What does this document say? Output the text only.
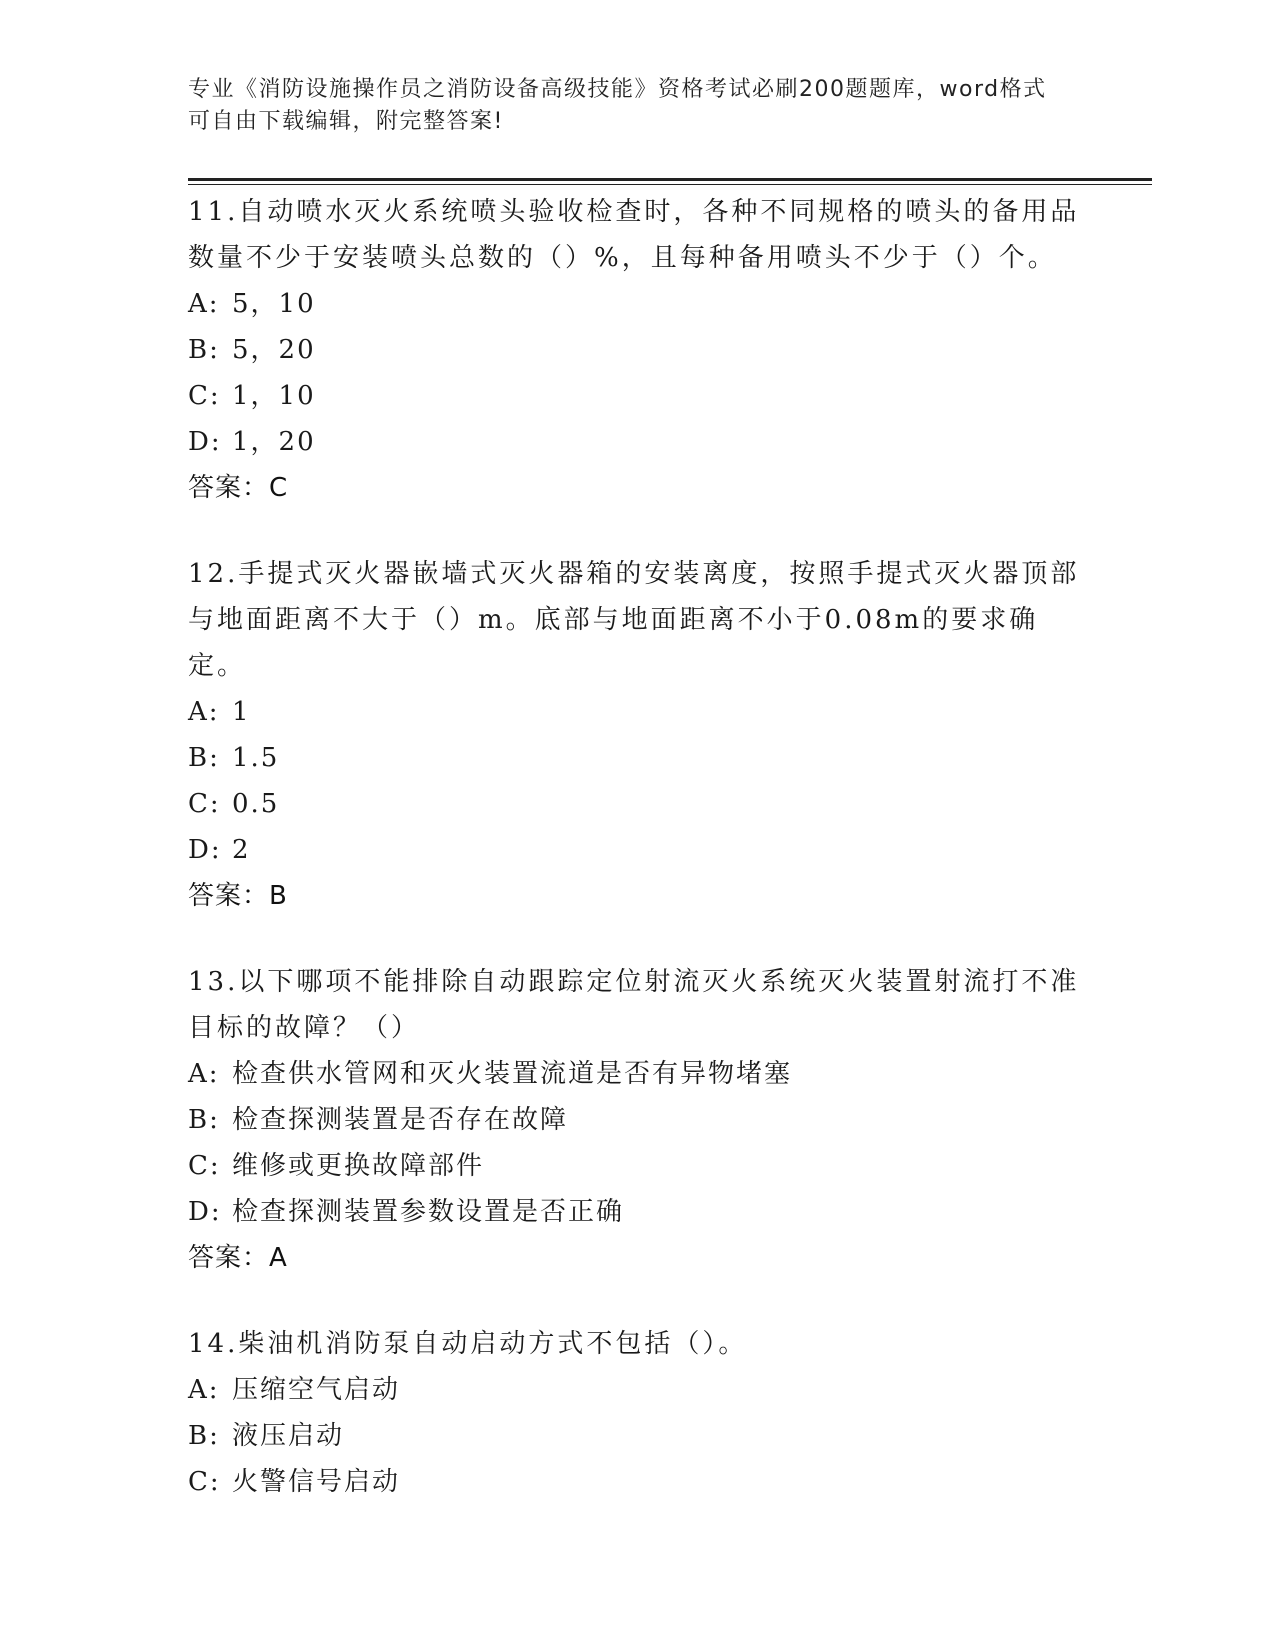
专业《消防设施操作员之消防设备高级技能》资格考试必刷200题题库，word格式可自由下载编辑，附完整答案!
11.自动喷水灭火系统喷头验收检查时，各种不同规格的喷头的备用品数量不少于安装喷头总数的（）%，且每种备用喷头不少于（）个。
A: 5，10
B: 5，20
C: 1，10
D: 1，20
答案：C
12.手提式灭火器嵌墙式灭火器箱的安装离度，按照手提式灭火器顶部与地面距离不大于（）m。底部与地面距离不小于0.08m的要求确定。
A: 1
B: 1.5
C: 0.5
D: 2
答案：B
13.以下哪项不能排除自动跟踪定位射流灭火系统灭火装置射流打不准目标的故障？（）
A: 检查供水管网和灭火装置流道是否有异物堵塞
B: 检查探测装置是否存在故障
C: 维修或更换故障部件
D: 检查探测装置参数设置是否正确
答案：A
14.柴油机消防泵自动启动方式不包括（）。
A: 压缩空气启动
B: 液压启动
C: 火警信号启动
